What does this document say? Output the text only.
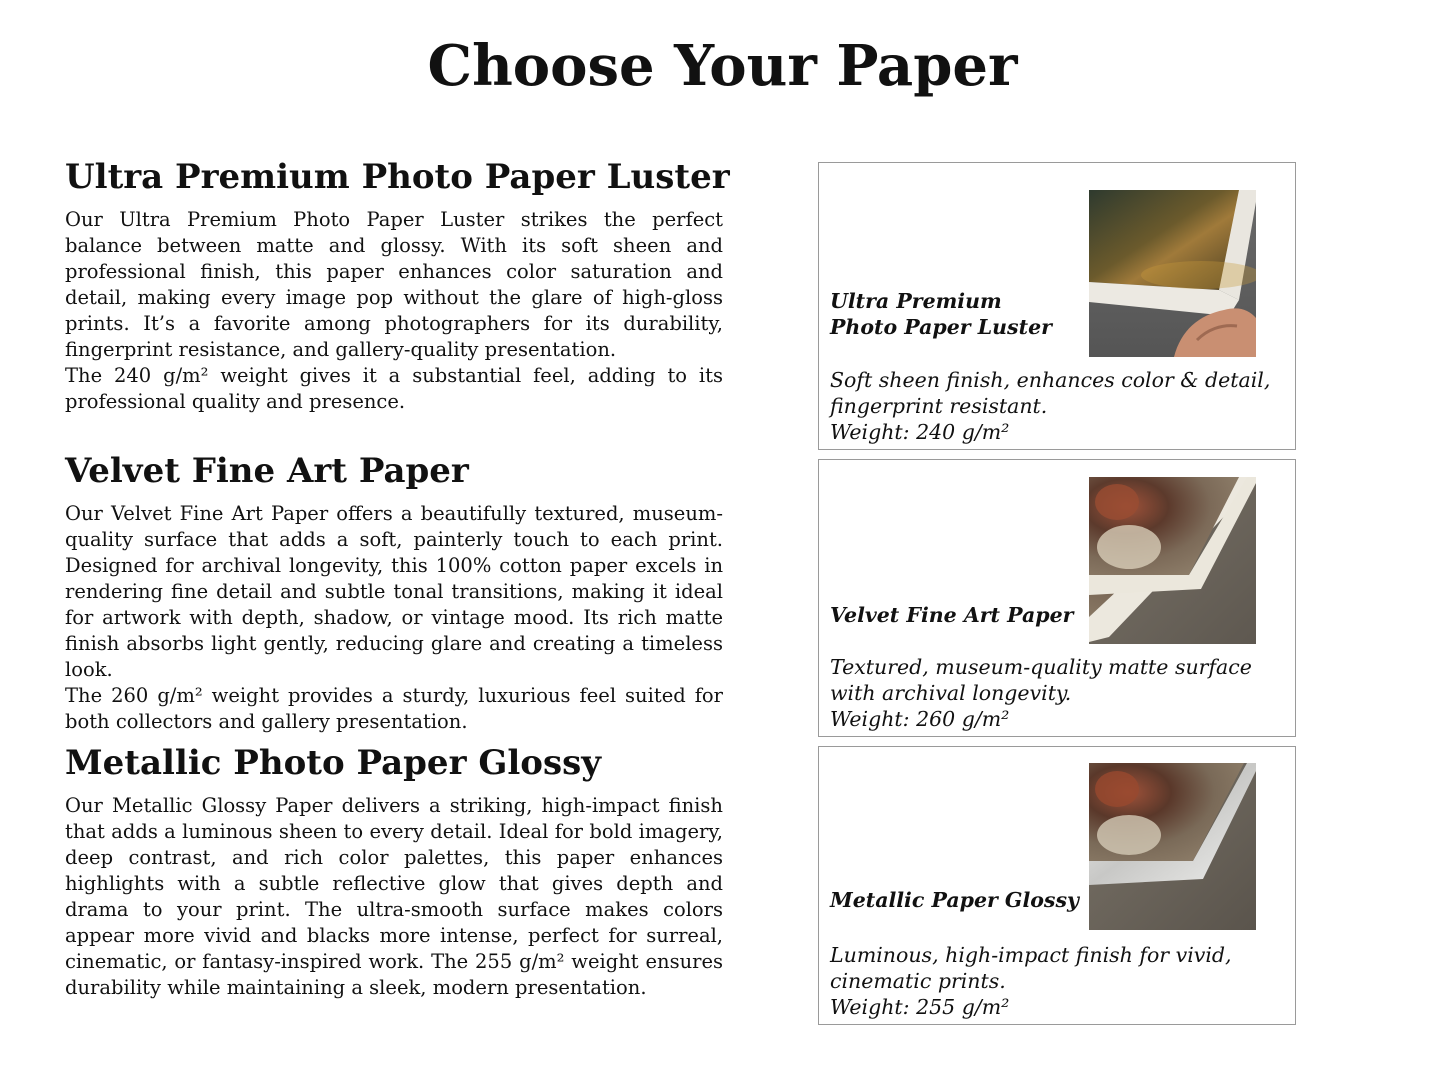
Choose Your Paper
Ultra Premium Photo Paper Luster

Our Ultra Premium Photo Paper Luster strikes the perfect balance between matte and glossy. With its soft sheen and professional finish, this paper enhances color saturation and detail, making every image pop without the glare of high-gloss prints. It’s a favorite among photographers for its durability, fingerprint resistance, and gallery-quality presentation.

The 240 g/m² weight gives it a substantial feel, adding to its professional quality and presence.

Velvet Fine Art Paper

Our Velvet Fine Art Paper offers a beautifully textured, museum-quality surface that adds a soft, painterly touch to each print. Designed for archival longevity, this 100% cotton paper excels in rendering fine detail and subtle tonal transitions, making it ideal for artwork with depth, shadow, or vintage mood. Its rich matte finish absorbs light gently, reducing glare and creating a timeless look.

The 260 g/m² weight provides a sturdy, luxurious feel suited for both collectors and gallery presentation.

Metallic Photo Paper Glossy

Our Metallic Glossy Paper delivers a striking, high-impact finish that adds a luminous sheen to every detail. Ideal for bold imagery, deep contrast, and rich color palettes, this paper enhances highlights with a subtle reflective glow that gives depth and drama to your print. The ultra-smooth surface makes colors appear more vivid and blacks more intense, perfect for surreal, cinematic, or fantasy-inspired work. The 255 g/m² weight ensures durability while maintaining a sleek, modern presentation.

Ultra Premium
Photo Paper Luster
Soft sheen finish, enhances color & detail,
fingerprint resistant.
Weight: 240 g/m²
Velvet Fine Art Paper
Textured, museum-quality matte surface
with archival longevity.
Weight: 260 g/m²
Metallic Paper Glossy
Luminous, high-impact finish for vivid,
cinematic prints.
Weight: 255 g/m²
